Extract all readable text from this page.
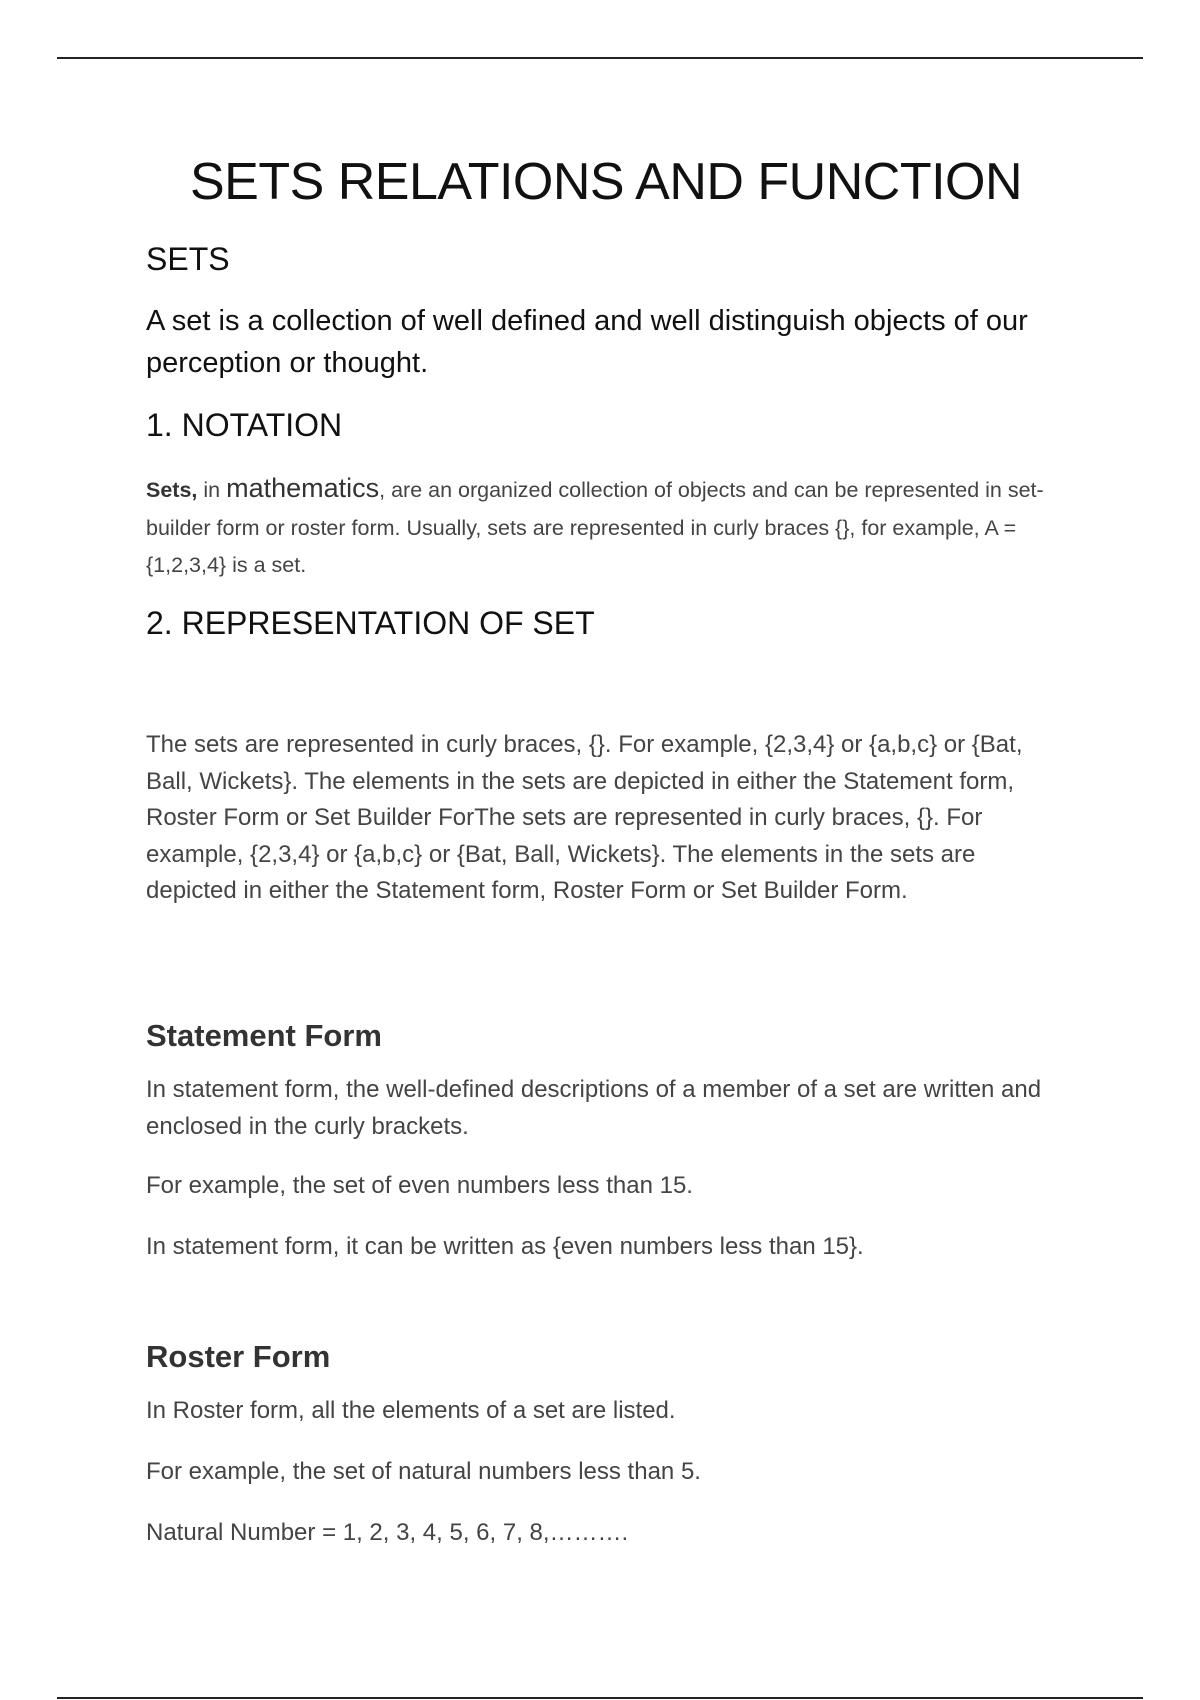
SETS RELATIONS AND FUNCTION
SETS

A set is a collection of well defined and well distinguish objects of our perception or thought.

1. NOTATION

Sets, in mathematics, are an organized collection of objects and can be represented in set-builder form or roster form. Usually, sets are represented in curly braces {}, for example, A = {1,2,3,4} is a set.

2. REPRESENTATION OF SET

The sets are represented in curly braces, {}. For example, {2,3,4} or {a,b,c} or {Bat, Ball, Wickets}. The elements in the sets are depicted in either the Statement form, Roster Form or Set Builder ForThe sets are represented in curly braces, {}. For example, {2,3,4} or {a,b,c} or {Bat, Ball, Wickets}. The elements in the sets are depicted in either the Statement form, Roster Form or Set Builder Form.

Statement Form

In statement form, the well-defined descriptions of a member of a set are written and enclosed in the curly brackets.

For example, the set of even numbers less than 15.

In statement form, it can be written as {even numbers less than 15}.

Roster Form

In Roster form, all the elements of a set are listed.

For example, the set of natural numbers less than 5.

Natural Number = 1, 2, 3, 4, 5, 6, 7, 8,……….
